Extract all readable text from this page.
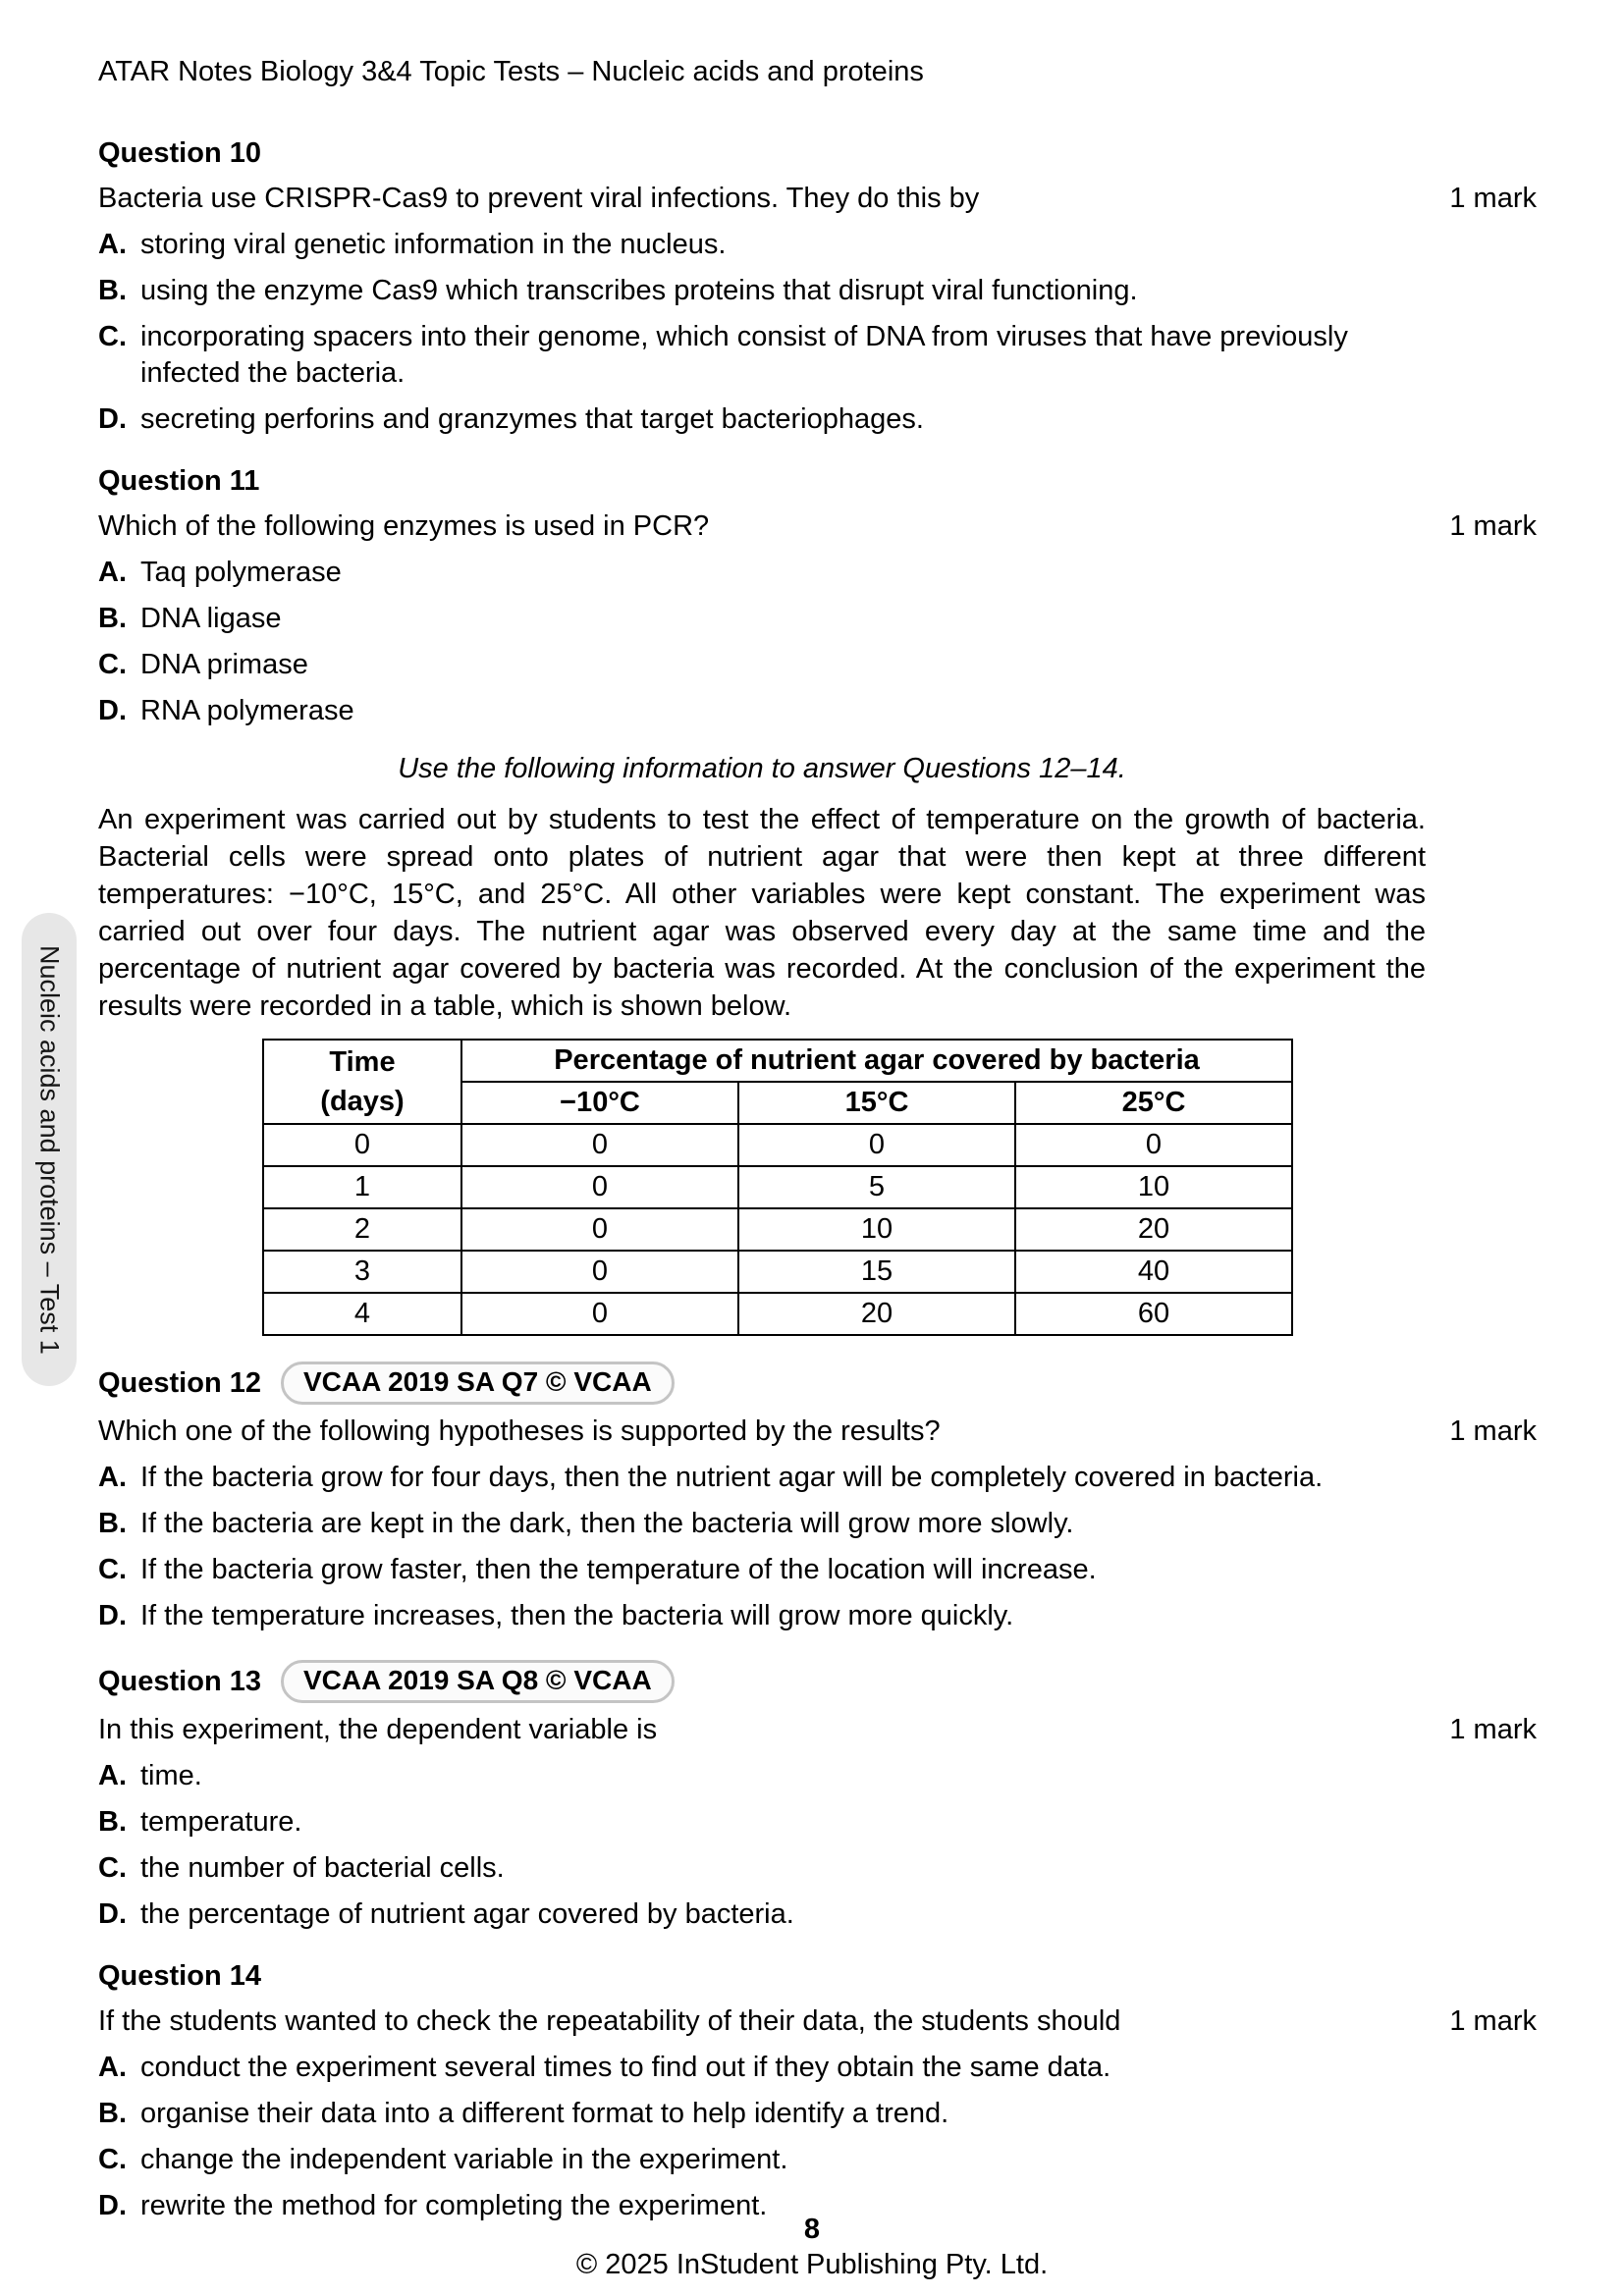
Nucleic acids and proteins – Test 1
ATAR Notes Biology 3&4 Topic Tests – Nucleic acids and proteins
Question 10
Bacteria use CRISPR-Cas9 to prevent viral infections. They do this by	1 mark
A. storing viral genetic information in the nucleus.
B. using the enzyme Cas9 which transcribes proteins that disrupt viral functioning.
C. incorporating spacers into their genome, which consist of DNA from viruses that have previously infected the bacteria.
D. secreting perforins and granzymes that target bacteriophages.
Question 11
Which of the following enzymes is used in PCR?	1 mark
A. Taq polymerase
B. DNA ligase
C. DNA primase
D. RNA polymerase
Use the following information to answer Questions 12–14.
An experiment was carried out by students to test the effect of temperature on the growth of bacteria. Bacterial cells were spread onto plates of nutrient agar that were then kept at three different temperatures: −10°C, 15°C, and 25°C. All other variables were kept constant. The experiment was carried out over four days. The nutrient agar was observed every day at the same time and the percentage of nutrient agar covered by bacteria was recorded. At the conclusion of the experiment the results were recorded in a table, which is shown below.
Time
(days)	Percentage of nutrient agar covered by bacteria		
	−10°C	15°C	25°C
0	0	0	0
1	0	5	10
2	0	10	20
3	0	15	40
4	0	20	60
Question 12	VCAA 2019 SA Q7 © VCAA
Which one of the following hypotheses is supported by the results?	1 mark
A. If the bacteria grow for four days, then the nutrient agar will be completely covered in bacteria.
B. If the bacteria are kept in the dark, then the bacteria will grow more slowly.
C. If the bacteria grow faster, then the temperature of the location will increase.
D. If the temperature increases, then the bacteria will grow more quickly.
Question 13	VCAA 2019 SA Q8 © VCAA
In this experiment, the dependent variable is	1 mark
A. time.
B. temperature.
C. the number of bacterial cells.
D. the percentage of nutrient agar covered by bacteria.
Question 14
If the students wanted to check the repeatability of their data, the students should	1 mark
A. conduct the experiment several times to find out if they obtain the same data.
B. organise their data into a different format to help identify a trend.
C. change the independent variable in the experiment.
D. rewrite the method for completing the experiment.
8
© 2025 InStudent Publishing Pty. Ltd.
